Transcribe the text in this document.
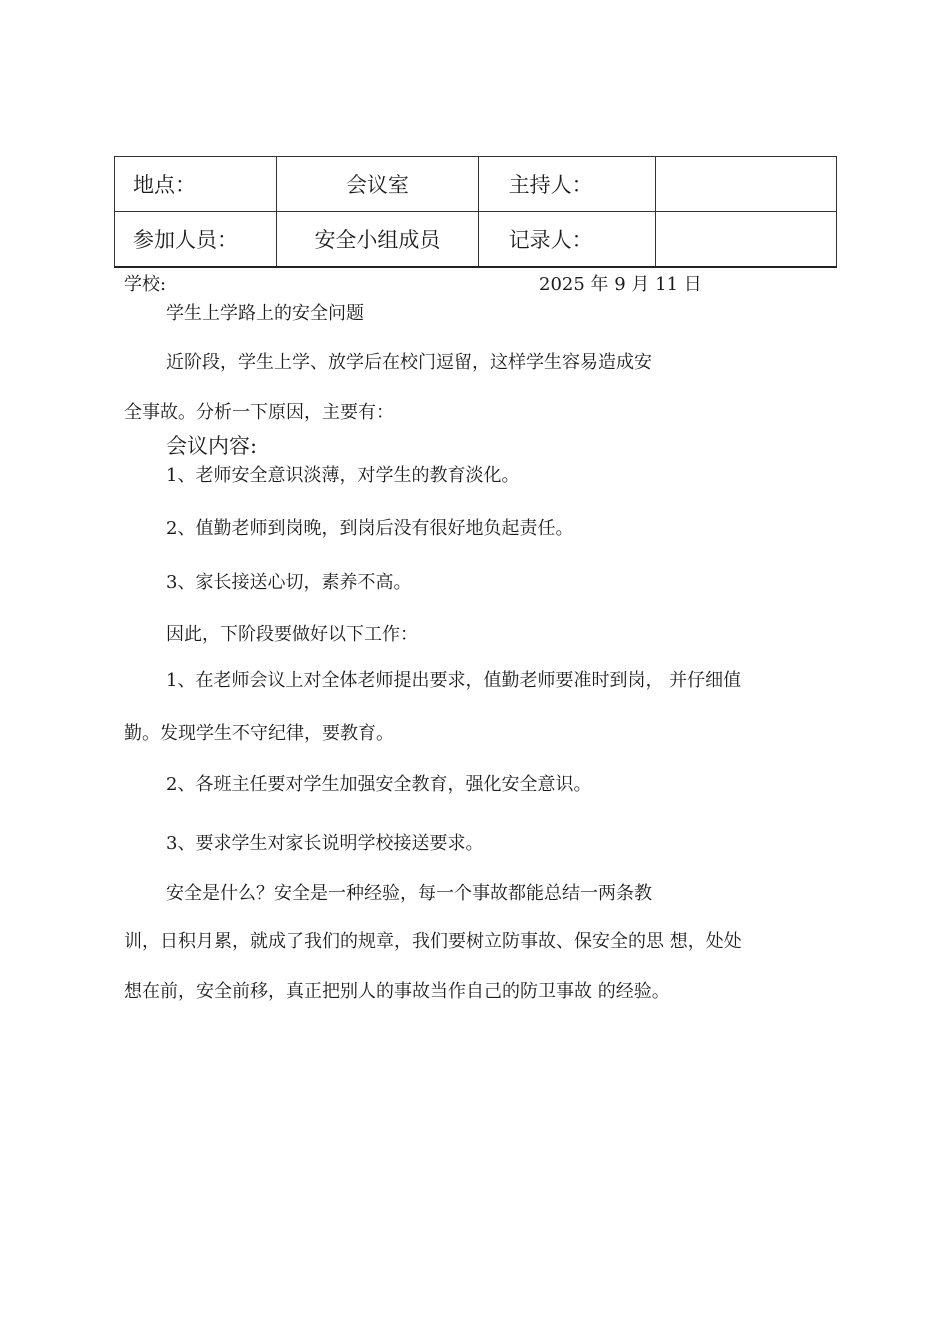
地点：	会议室	主持人：	
参加人员：	安全小组成员	记录人：	
学校:	2025 年 9 月 11 日
学生上学路上的安全问题
近阶段，学生上学、放学后在校门逗留，这样学生容易造成安
全事故。分析一下原因，主要有：
会议内容:
1、老师安全意识淡薄，对学生的教育淡化。
2、值勤老师到岗晚，到岗后没有很好地负起责任。
3、家长接送心切，素养不高。
因此，下阶段要做好以下工作：
1、在老师会议上对全体老师提出要求，值勤老师要准时到岗， 并仔细值
勤。发现学生不守纪律，要教育。
2、各班主任要对学生加强安全教育，强化安全意识。
3、要求学生对家长说明学校接送要求。
安全是什么？安全是一种经验，每一个事故都能总结一两条教
训，日积月累，就成了我们的规章，我们要树立防事故、保安全的思 想，处处
想在前，安全前移，真正把别人的事故当作自己的防卫事故 的经验。
